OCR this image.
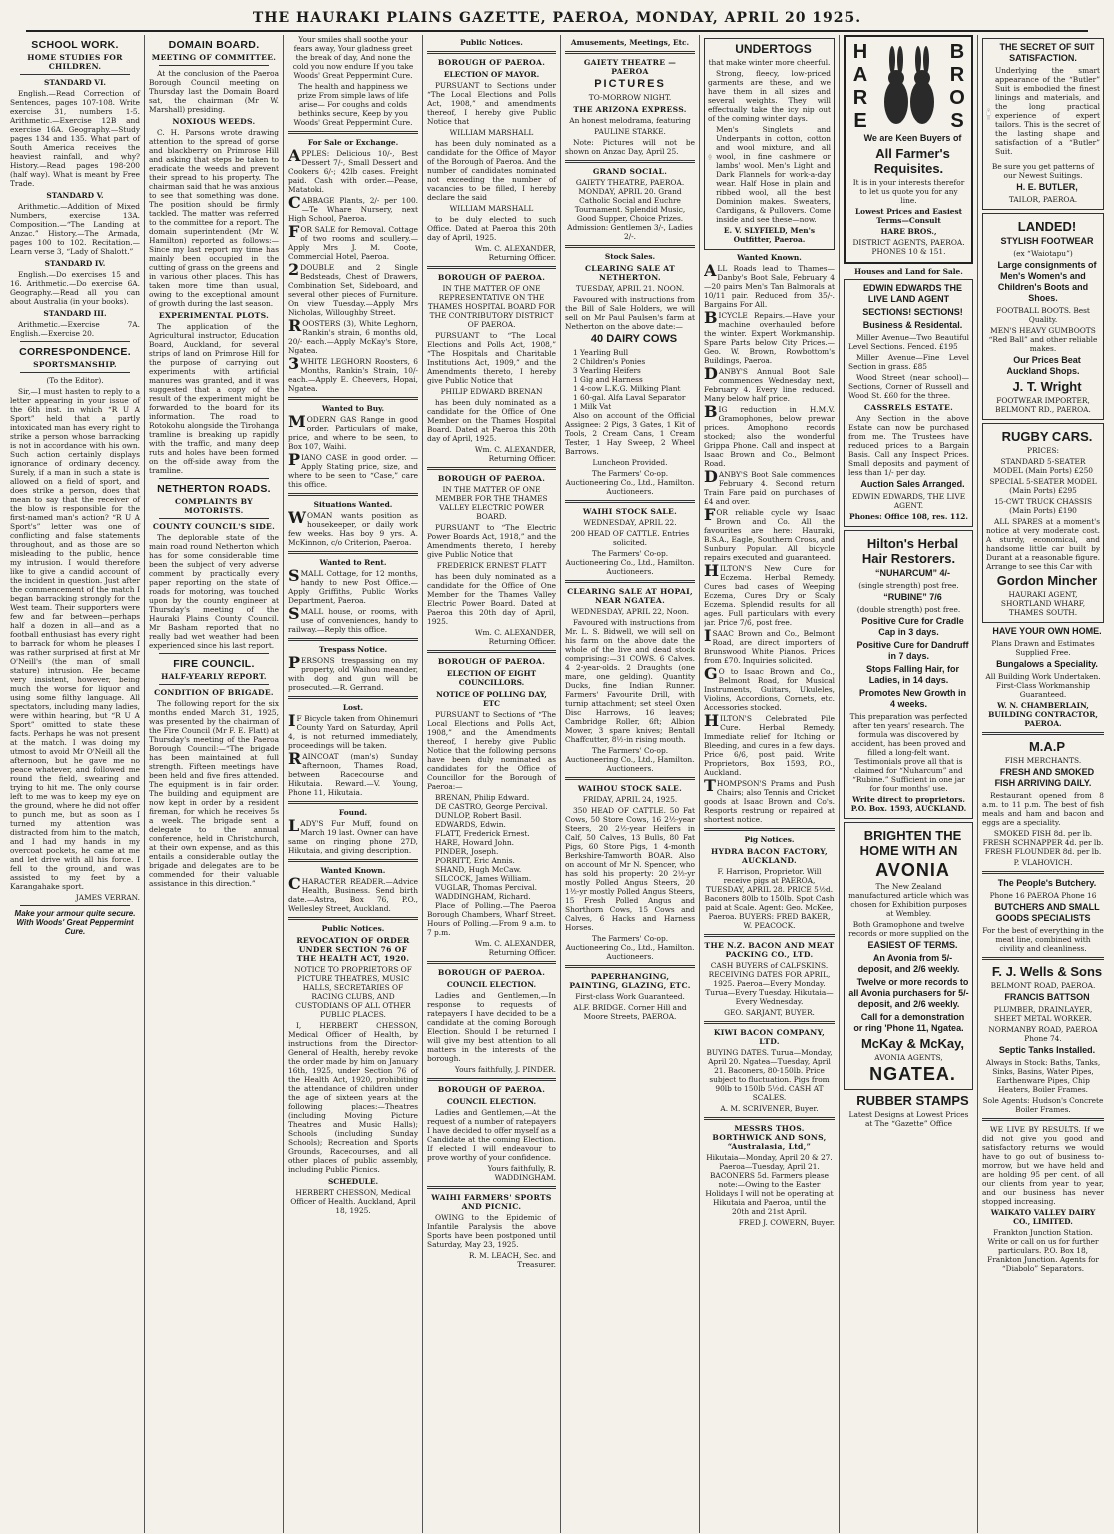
THE HAURAKI PLAINS GAZETTE, PAEROA, MONDAY, APRIL 20 1925.
SCHOOL WORK.
HOME STUDIES FOR CHILDREN.
STANDARD VI.

English.—Read Correction of Sentences, pages 107-108. Write exercise 31, numbers 1-5. Arithmetic.—Exercise 12B and exercise 16A. Geography.—Study pages 134 and 135. What part of South America receives the heaviest rainfall, and why? History.—Read pages 198-200 (half way). What is meant by Free Trade.

STANDARD V.

Arithmetic.—Addition of Mixed Numbers, exercise 13A. Composition.—“The Landing at Anzac.” History.—The Armada, pages 100 to 102. Recitation.—Learn verse 3, “Lady of Shalott.”

STANDARD IV.

English.—Do exercises 15 and 16. Arithmetic.—Do exercise 6A. Geography.—Read all you can about Australia (in your books).

STANDARD III.

Arithmetic.—Exercise 7A. English.—Exercise 20.

CORRESPONDENCE.
SPORTSMANSHIP.

(To the Editor).

Sir,—I must hasten to reply to a letter appearing in your issue of the 6th inst. in which “R U A Sport” held that a partly intoxicated man has every right to strike a person whose barracking is not in accordance with his own. Such action certainly displays ignorance of ordinary decency. Surely, if a man in such a state is allowed on a field of sport, and does strike a person, does that mean to say that the receiver of the blow is responsible for the first-named man's action? “R U A Sport's” letter was one of conflicting and false statements throughout, and as those are so misleading to the public, hence my intrusion. I would therefore like to give a candid account of the incident in question. Just after the commencement of the match I began barracking strongly for the West team. Their supporters were few and far between—perhaps half a dozen in all—and as a football enthusiast has every right to barrack for whom he pleases I was rather surprised at first at Mr O'Neill's (the man of small stature) intrusion. He became very insistent, however, being much the worse for liquor and using some filthy language. All spectators, including many ladies, were within hearing, but “R U A Sport” omitted to state these facts. Perhaps he was not present at the match. I was doing my utmost to avoid Mr O'Neill all the afternoon, but he gave me no peace whatever, and followed me round the field, swearing and trying to hit me. The only course left to me was to keep my eye on the ground, where he did not offer to punch me, but as soon as I turned my attention was distracted from him to the match, and I had my hands in my overcoat pockets, he came at me and let drive with all his force. I fell to the ground, and was assisted to my feet by a Karangahake sport.

JAMES VERRAN.

Make your armour quite secure. With Woods' Great Peppermint Cure.

DOMAIN BOARD.
MEETING OF COMMITTEE.

At the conclusion of the Paeroa Borough Council meeting on Thursday last the Domain Board sat, the chairman (Mr W. Marshall) presiding.

NOXIOUS WEEDS.

C. H. Parsons wrote drawing attention to the spread of gorse and blackberry on Primrose Hill and asking that steps be taken to eradicate the weeds and prevent their spread to his property. The chairman said that he was anxious to see that something was done. The position should be firmly tackled. The matter was referred to the committee for a report. The domain superintendent (Mr W. Hamilton) reported as follows:—Since my last report my time has mainly been occupied in the cutting of grass on the greens and in various other places. This has taken more time than usual, owing to the exceptional amount of growth during the last season.

EXPERIMENTAL PLOTS.

The application of the Agricultural instructor, Education Board, Auckland, for several strips of land on Primrose Hill for the purpose of carrying out experiments with artificial manures was granted, and it was suggested that a copy of the result of the experiment might be forwarded to the board for its information. The road to Rotokohu alongside the Tirohanga tramline is breaking up rapidly with the traffic, and many deep ruts and holes have been formed on the off-side away from the tramline.

NETHERTON ROADS.
COMPLAINTS BY MOTORISTS.
COUNTY COUNCIL'S SIDE.

The deplorable state of the main road round Netherton which has for some considerable time been the subject of very adverse comment by practically every paper reporting on the state of roads for motoring, was touched upon by the county engineer at Thursday's meeting of the Hauraki Plains County Council. Mr Basham reported that no really bad wet weather had been experienced since his last report.

FIRE COUNCIL.
HALF-YEARLY REPORT.
CONDITION OF BRIGADE.

The following report for the six months ended March 31, 1925, was presented by the chairman of the Fire Council (Mr F. E. Flatt) at Thursday's meeting of the Paeroa Borough Council:—“The brigade has been maintained at full strength. Fifteen meetings have been held and five fires attended. The equipment is in fair order. The building and equipment are now kept in order by a resident fireman, for which he receives 5s a week. The brigade sent a delegate to the annual conference, held in Christchurch, at their own expense, and as this entails a considerable outlay the brigade and delegates are to be commended for their valuable assistance in this direction.”

Your smiles shall soothe your fears away, Your gladness greet the break of day, And none the cold you now endure If you take Woods' Great Peppermint Cure.

The health and happiness we prize From simple laws of life arise— For coughs and colds bethinks secure, Keep by you Woods' Great Peppermint Cure.

For Sale or Exchange.
APPLES: Delicious 10/-, Best Dessert 7/-, Small Dessert and Cookers 6/-; 42lb cases. Freight paid. Cash with order.—Pease, Matatoki.
CABBAGE Plants, 2/- per 100. —Te Whare Nursery, next High School, Paeroa.
FOR SALE for Removal. Cottage of two rooms and scullery.—Apply Mrs J. M. Coote, Commercial Hotel, Paeroa.
2 DOUBLE and 2 Single Bedsteads, Chest of Drawers, Combination Set, Sideboard, and several other pieces of Furniture. On view Tuesday.—Apply Mrs Nicholas, Willoughby Street.
ROOSTERS (3), White Leghorn, Rankin's strain, 6 months old, 20/- each.—Apply McKay's Store, Ngatea.
3 WHITE LEGHORN Roosters, 6 Months, Rankin's Strain, 10/- each.—Apply E. Cheevers, Hopai, Ngatea.
Wanted to Buy.
MODERN GAS Range in good order. Particulars of make, price, and where to be seen, to Box 107, Waihi.
PIANO CASE in good order. —Apply Stating price, size, and where to be seen to “Case,” care this office.
Situations Wanted.
WOMAN wants position as housekeeper, or daily work few weeks. Has boy 9 yrs. A. McKinnon, c/o Criterion, Paeroa.
Wanted to Rent.
SMALL Cottage, for 12 months, handy to new Post Office.—Apply Griffiths, Public Works Department, Paeroa.
SMALL house, or rooms, with use of conveniences, handy to railway.—Reply this office.
Trespass Notice.
PERSONS trespassing on my property, old Waihou meander, with dog and gun will be prosecuted.—R. Gerrand.
Lost.
I F Bicycle taken from Ohinemuri County Yard on Saturday, April 4, is not returned immediately, proceedings will be taken.
RAINCOAT (man's) Sunday afternoon, Thames Road, between Racecourse and Hikutaia. Reward.—V. Young, Phone 11, Hikutaia.
Found.
LADY'S Fur Muff, found on March 19 last. Owner can have same on ringing phone 27D, Hikutaia, and giving description.
Wanted Known.
CHARACTER READER.—Advice Health, Business. Send birth date.—Astra, Box 76, P.O., Wellesley Street, Auckland.
Public Notices.
REVOCATION OF ORDER UNDER SECTION 76 OF THE HEALTH ACT, 1920.

NOTICE TO PROPRIETORS OF PICTURE THEATRES, MUSIC HALLS, SECRETARIES OF RACING CLUBS, AND CUSTODIANS OF ALL OTHER PUBLIC PLACES.

I, HERBERT CHESSON, Medical Officer of Health, by instructions from the Director-General of Health, hereby revoke the order made by him on January 16th, 1925, under Section 76 of the Health Act, 1920, prohibiting the attendance of children under the age of sixteen years at the following places:—Theatres (including Moving Picture Theatres and Music Halls); Schools (including Sunday Schools); Recreation and Sports Grounds, Racecourses, and all other places of public assembly, including Public Picnics.

SCHEDULE.

HERBERT CHESSON, Medical Officer of Health. Auckland, April 18, 1925.

Public Notices.
BOROUGH OF PAEROA.
ELECTION OF MAYOR.

PURSUANT to Sections under “The Local Elections and Polls Act, 1908,” and amendments thereof, I hereby give Public Notice that

WILLIAM MARSHALL

has been duly nominated as a candidate for the Office of Mayor of the Borough of Paeroa. And the number of candidates nominated not exceeding the number of vacancies to be filled, I hereby declare the said

WILLIAM MARSHALL

to be duly elected to such Office. Dated at Paeroa this 20th day of April, 1925.

Wm. C. ALEXANDER, Returning Officer.

BOROUGH OF PAEROA.

IN THE MATTER OF ONE REPRESENTATIVE ON THE THAMES HOSPITAL BOARD FOR THE CONTRIBUTORY DISTRICT OF PAEROA.

PURSUANT to “The Local Elections and Polls Act, 1908,” “The Hospitals and Charitable Institutions Act, 1909,” and the Amendments thereto, I hereby give Public Notice that

PHILIP EDWARD BRENAN

has been duly nominated as a candidate for the Office of One Member on the Thames Hospital Board. Dated at Paeroa this 20th day of April, 1925.

Wm. C. ALEXANDER, Returning Officer.

BOROUGH OF PAEROA.

IN THE MATTER OF ONE MEMBER FOR THE THAMES VALLEY ELECTRIC POWER BOARD.

PURSUANT to “The Electric Power Boards Act, 1918,” and the Amendments thereto, I hereby give Public Notice that

FREDERICK ERNEST FLATT

has been duly nominated as a candidate for the Office of One Member for the Thames Valley Electric Power Board. Dated at Paeroa this 20th day of April, 1925.

Wm. C. ALEXANDER, Returning Officer.

BOROUGH OF PAEROA.
ELECTION OF EIGHT COUNCILLORS.
NOTICE OF POLLING DAY, ETC

PURSUANT to Sections of “The Local Elections and Polls Act, 1908,” and the Amendments thereof, I hereby give Public Notice that the following persons have been duly nominated as candidates for the Office of Councillor for the Borough of Paeroa:—

BRENAN, Philip Edward.
DE CASTRO, George Percival.
DUNLOP, Robert Basil.
EDWARDS, Edwin.
FLATT, Frederick Ernest.
HARE, Howard John.
PINDER, Joseph.
PORRITT, Eric Annis.
SHAND, Hugh McCaw.
SILCOCK, James William.
VUGLAR, Thomas Percival.
WADDINGHAM, Richard.

Place of Polling.—The Paeroa Borough Chambers, Wharf Street. Hours of Polling.—From 9 a.m. to 7 p.m.

Wm. C. ALEXANDER, Returning Officer.

BOROUGH OF PAEROA.
COUNCIL ELECTION.

Ladies and Gentlemen,—In response to requests of ratepayers I have decided to be a candidate at the coming Borough Election. Should I be returned I will give my best attention to all matters in the interests of the borough.

Yours faithfully, J. PINDER.

BOROUGH OF PAEROA.
COUNCIL ELECTION.

Ladies and Gentlemen,—At the request of a number of ratepayers I have decided to offer myself as a Candidate at the coming Election. If elected I will endeavour to prove worthy of your confidence.

Yours faithfully, R. WADDINGHAM.

WAIHI FARMERS' SPORTS AND PICNIC.

OWING to the Epidemic of Infantile Paralysis the above Sports have been postponed until Saturday, May 23, 1925.

R. M. LEACH, Sec. and Treasurer.

Amusements, Meetings, Etc.
GAIETY THEATRE — PAEROA

PICTURES

TO-MORROW NIGHT.

THE ARIZONA EXPRESS.

An honest melodrama, featuring

PAULINE STARKE.

Note: Pictures will not be shown on Anzac Day, April 25.

GRAND SOCIAL.

GAIETY THEATRE, PAEROA. MONDAY, APRIL 20. Grand Catholic Social and Euchre Tournament. Splendid Music, Good Supper, Choice Prizes. Admission: Gentlemen 3/-, Ladies 2/-.

Stock Sales.
CLEARING SALE AT NETHERTON.

TUESDAY, APRIL 21. NOON.

Favoured with instructions from the Bill of Sale Holders, we will sell on Mr Paul Paulsen's farm at Netherton on the above date:—

40 DAIRY COWS

1 Yearling Bull
2 Children's Ponies
3 Yearling Heifers
1 Gig and Harness
1 4-cow L.K.G. Milking Plant
1 60-gal. Alfa Laval Separator
1 Milk Vat

Also on account of the Official Assignee: 2 Pigs, 3 Gates, 1 Kit of Tools, 2 Cream Cans, 1 Cream Tester, 1 Hay Sweep, 2 Wheel Barrows.

Luncheon Provided.

The Farmers' Co-op. Auctioneering Co., Ltd., Hamilton. Auctioneers.

WAIHI STOCK SALE.

WEDNESDAY, APRIL 22.

200 HEAD OF CATTLE. Entries solicited.

The Farmers' Co-op. Auctioneering Co., Ltd., Hamilton. Auctioneers.

CLEARING SALE AT HOPAI, NEAR NGATEA.

WEDNESDAY, APRIL 22, Noon.

Favoured with instructions from Mr. L. S. Bidwell, we will sell on his farm on the above date the whole of the live and dead stock comprising:—31 COWS. 6 Calves. 4 2-year-olds. 2 Draughts (one mare, one gelding). Quantity Ducks, fine Indian Runner. Farmers' Favourite Drill, with turnip attachment; set steel Oxen Disc Harrows, 16 leaves; Cambridge Roller, 6ft; Albion Mower, 3 spare knives; Bentall Chaffcutter, 8½-in rising mouth.

The Farmers' Co-op. Auctioneering Co., Ltd., Hamilton. Auctioneers.

WAIHOU STOCK SALE.

FRIDAY, APRIL 24, 1925.

350 HEAD OF CATTLE. 50 Fat Cows, 50 Store Cows, 16 2½-year Steers, 20 2½-year Heifers in Calf, 50 Calves, 13 Bulls, 80 Fat Pigs, 60 Store Pigs, 1 4-month Berkshire-Tamworth BOAR. Also on account of Mr N. Spencer, who has sold his property: 20 2½-yr mostly Polled Angus Steers, 20 1½-yr mostly Polled Angus Steers, 15 Fresh Polled Angus and Shorthorn Cows, 15 Cows and Calves, 6 Hacks and Harness Horses.

The Farmers' Co-op. Auctioneering Co., Ltd., Hamilton. Auctioneers.

PAPERHANGING, PAINTING, GLAZING, ETC.

First-class Work Guaranteed.

ALF. BRIDGE. Corner Hill and Moore Streets, PAEROA.

UNDERTOGS

that make winter more cheerful.

Strong, fleecy, low-priced garments are these, and we have them in all sizes and several weights. They will effectually take the icy nip out of the coming winter days.

Men's Singlets and Underpants in cotton, cotton and wool mixture, and all wool, in fine cashmere or lambs' wool. Men's Light and Dark Flannels for work-a-day wear. Half Hose in plain and ribbed wool, all the best Dominion makes. Sweaters, Cardigans, & Pullovers. Come inside and see these—now.

E. V. SLYFIELD, Men's Outfitter, Paeroa.

Wanted Known.
ALL Roads lead to Thames—Danby's Boot Sale, February 4—20 pairs Men's Tan Balmorals at 10/11 pair. Reduced from 35/-. Bargains For All.
BICYCLE Repairs.—Have your machine overhauled before the winter. Expert Workmanship. Spare Parts below City Prices.—Geo. W. Brown, Rowbottom's Buildings, Paeroa.
DANBY'S Annual Boot Sale commences Wednesday next, February 4. Every line reduced. Many below half price.
BIG reduction in H.M.V. Gramophones, below prewar prices. Amophono records stocked; also the wonderful Grippa Phone. Call and inspect at Isaac Brown and Co., Belmont Road.
DANBY'S Boot Sale commences February 4. Second return Train Fare paid on purchases of £4 and over.
FOR reliable cycle wy Isaac Brown and Co. All the favourites are here: Hauraki, B.S.A., Eagle, Southern Cross, and Sunbury Popular. All bicycle repairs executed and guaranteed.
HILTON'S New Cure for Eczema. Herbal Remedy. Cures bad cases of Weeping Eczema, Cures Dry or Scaly Eczema. Splendid results for all ages. Full particulars with every jar. Price 7/6, post free.
ISAAC Brown and Co., Belmont Road, are direct importers of Brunswood White Pianos. Prices from £70. Inquiries solicited.
G O to Isaac Brown and Co., Belmont Road, for Musical Instruments, Guitars, Ukuleles, Violins, Accordions, Cornets, etc. Accessories stocked.
HILTON'S Celebrated Pile Cure. Herbal Remedy. Immediate relief for Itching or Bleeding, and cures in a few days. Price 6/6, post paid. Write Proprietors, Box 1593, P.O., Auckland.
THOMPSON'S Prams and Push Chairs; also Tennis and Cricket goods at Isaac Brown and Co's. Resports restrung or repaired at shortest notice.
Pig Notices.
HYDRA BACON FACTORY, AUCKLAND.

F. Harrison, Proprietor. Will receive pigs at PAEROA, TUESDAY, APRIL 28. PRICE 5½d. Baconers 80lb to 150lb. Spot Cash paid at Scale. Agent: Geo. McKee, Paeroa. BUYERS: FRED BAKER, W. PEACOCK.

THE N.Z. BACON AND MEAT PACKING CO., LTD.

CASH BUYERS of CALFSKINS. RECEIVING DATES FOR APRIL, 1925. Paeroa—Every Monday. Turua—Every Tuesday. Hikutaia—Every Wednesday.

GEO. SARJANT, BUYER.

KIWI BACON COMPANY, LTD.

BUYING DATES. Turua—Monday, April 20. Ngatea—Tuesday, April 21. Baconers, 80-150lb. Price subject to fluctuation. Pigs from 90lb to 150lb 5½d. CASH AT SCALES.

A. M. SCRIVENER, Buyer.

MESSRS THOS. BORTHWICK AND SONS, “Australasia, Ltd,”

Hikutaia—Monday, April 20 & 27. Paeroa—Tuesday, April 21. BACONERS 5d. Farmers please note:—Owing to the Easter Holidays I will not be operating at Hikutaia and Paeroa, until the 20th and 21st April.

FRED J. COWERN, Buyer.

H
A
R
E
B
R
O
S

We are Keen Buyers of

All Farmer's Requisites.

It is in your interests therefor to let us quote you for any line.

Lowest Prices and Easiest Terms—Consult

HARE BROS.,

DISTRICT AGENTS, PAEROA. PHONES 10 & 151.

Houses and Land for Sale.

EDWIN EDWARDS THE LIVE LAND AGENT

SECTIONS! SECTIONS!

Business & Residental.

Miller Avenue—Two Beautiful Level Sections. Fenced. £195

Miller Avenue—Fine Level Section in grass. £85

Wood Street (near school)—Sections, Corner of Russell and Wood St. £60 for the three.

CASSRELS ESTATE.

Any Section in the above Estate can now be purchased from me. The Trustees have reduced prices to a Bargain Basis. Call any Inspect Prices. Small deposits and payment of less than 1/- per day.

Auction Sales Arranged.

EDWIN EDWARDS, THE LIVE AGENT.

Phones: Office 108, res. 112.

Hilton's Herbal Hair Restorers.

“NUHARCUM” 4/-

(single strength) post free.

“RUBINE” 7/6

(double strength) post free.

Positive Cure for Cradle Cap in 3 days.

Positive Cure for Dandruff in 7 days.

Stops Falling Hair, for Ladies, in 14 days.

Promotes New Growth in 4 weeks.

This preparation was perfected after ten years' research. The formula was discovered by accident, has been proved and filled a long-felt want. Testimonials prove all that is claimed for “Nuharcum” and “Rubine.” Sufficient in one jar for four months' use.

Write direct to proprietors. P.O. Box. 1593, AUCKLAND.

BRIGHTEN THE HOME WITH AN

AVONIA

The New Zealand manufactured article which was chosen for Exhibition purposes at Wembley.

Both Gramophone and twelve records or more supplied on the

EASIEST OF TERMS.

An Avonia from 5/- deposit, and 2/6 weekly.

Twelve or more records to all Avonia purchasers for 5/- deposit, and 2/6 weekly.

Call for a demonstration or ring 'Phone 11, Ngatea.

McKay & McKay,

AVONIA AGENTS,

NGATEA.

RUBBER STAMPS

Latest Designs at Lowest Prices at The “Gazette” Office

THE SECRET OF SUIT SATISFACTION.

Underlying the smart appearance of the “Butler” Suit is embodied the finest linings and materials, and the long practical experience of expert tailors. This is the secret of the lasting shape and satisfaction of a “Butler” Suit.

Be sure you get patterns of our Newest Suitings.

H. E. BUTLER,

TAILOR, PAEROA.

LANDED!

STYLISH FOOTWEAR

(ex “Waiotapu”)

Large consignments of Men's Women's and Children's Boots and Shoes.

FOOTBALL BOOTS. Best Quality.

MEN'S HEAVY GUMBOOTS “Red Ball” and other reliable makes.

Our Prices Beat Auckland Shops.

J. T. Wright

FOOTWEAR IMPORTER, BELMONT RD., PAEROA.

RUGBY CARS.

PRICES:

STANDARD 5-SEATER MODEL (Main Ports) £250

SPECIAL 5-SEATER MODEL (Main Ports) £295

15-CWT TRUCK CHASSIS (Main Ports) £190

ALL SPARES at a moment's notice at very moderate cost. A sturdy, economical, and handsome little car built by Durant at a reasonable figure. Arrange to see this Car with

Gordon Mincher

HAURAKI AGENT, SHORTLAND WHARF, THAMES SOUTH.

HAVE YOUR OWN HOME.

Plans Drawn and Estimates Supplied Free.

Bungalows a Speciality.

All Building Work Undertaken. First-Class Workmanship Guaranteed.

W. N. CHAMBERLAIN, BUILDING CONTRACTOR, PAEROA.

M.A.P

FISH MERCHANTS.

FRESH AND SMOKED FISH ARRIVING DAILY.

Restaurant opened from 8 a.m. to 11 p.m. The best of fish meals and ham and bacon and eggs are a speciality.

SMOKED FISH 8d. per lb. FRESH SCHNAPPER 4d. per lb. FRESH FLOUNDER 8d. per lb.

P. VLAHOVICH.

The People's Butchery.

Phone 16 PAEROA Phone 16

BUTCHERS AND SMALL GOODS SPECIALISTS

For the best of everything in the meat line, combined with civility and cleanliness.

F. J. Wells & Sons

BELMONT ROAD, PAEROA.

FRANCIS BATTSON

PLUMBER, DRAINLAYER, SHEET METAL WORKER.

NORMANBY ROAD, PAEROA Phone 74.

Septic Tanks Installed.

Always in Stock: Baths, Tanks, Sinks, Basins, Water Pipes, Earthenware Pipes, Chip Heaters, Boiler Frames.

Sole Agents: Hudson's Concrete Boiler Frames.

WE LIVE BY RESULTS. If we did not give you good and satisfactory returns we would have to go out of business to-morrow, but we have held and are holding 95 per cent. of all our clients from year to year, and our business has never stopped increasing.

WAIKATO VALLEY DAIRY CO., LIMITED.

Frankton Junction Station. Write or call on us for further particulars. P.O. Box 18, Frankton Junction. Agents for “Diabolo” Separators.
